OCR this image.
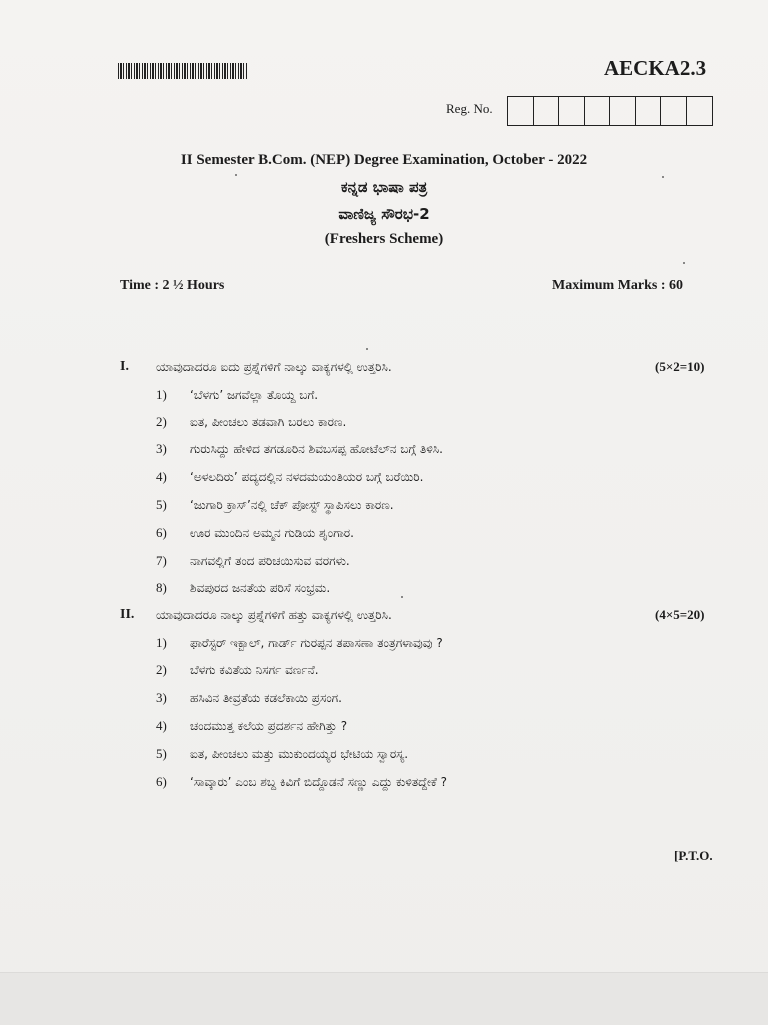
AECKA2.3
Reg. No.
II Semester B.Com. (NEP) Degree Examination, October - 2022
ಕನ್ನಡ ಭಾಷಾ ಪತ್ರ
ವಾಣಿಜ್ಯ ಸೌರಭ-2
(Freshers Scheme)
Time : 2 ½ Hours	Maximum Marks : 60
I. ಯಾವುದಾದರೂ ಐದು ಪ್ರಶ್ನೆಗಳಿಗೆ ನಾಲ್ಕು ವಾಕ್ಯಗಳಲ್ಲಿ ಉತ್ತರಿಸಿ.	(5×2=10)
1) ‘ಬೆಳಗು’ ಜಗವೆಲ್ಲಾ ತೊಯ್ದ ಬಗೆ.
2) ಐತ, ಪೀಂಚಲು ತಡವಾಗಿ ಬರಲು ಕಾರಣ.
3) ಗುರುಸಿದ್ದು ಹೇಳಿದ ತಗಡೂರಿನ ಶಿವಬಸಪ್ಪ ಹೋಟೆಲ್‌ನ ಬಗ್ಗೆ ತಿಳಿಸಿ.
4) ‘ಅಳಲದಿರು’ ಪದ್ಯದಲ್ಲಿನ ನಳದಮಯಂತಿಯರ ಬಗ್ಗೆ ಬರೆಯಿರಿ.
5) ‘ಜುಗಾರಿ ಕ್ರಾಸ್’ನಲ್ಲಿ ಚೆಕ್ ಪೋಸ್ಟ್ ಸ್ಥಾಪಿಸಲು ಕಾರಣ.
6) ಊರ ಮುಂದಿನ ಅಮ್ಮನ ಗುಡಿಯ ಶೃಂಗಾರ.
7) ನಾಗವಲ್ಲಿಗೆ ತಂದ ಪರಿಚಯಿಸುವ ವರಗಳು.
8) ಶಿವಪುರದ ಜನತೆಯ ಪರಿಸೆ ಸಂಭ್ರಮ.
II. ಯಾವುದಾದರೂ ನಾಲ್ಕು ಪ್ರಶ್ನೆಗಳಿಗೆ ಹತ್ತು ವಾಕ್ಯಗಳಲ್ಲಿ ಉತ್ತರಿಸಿ.	(4×5=20)
1) ಫಾರೆಸ್ಟರ್ ಇಕ್ಬಾಲ್, ಗಾರ್ಡ್ ಗುರಪ್ಪನ ತಪಾಸಣಾ ತಂತ್ರಗಳಾವುವು ?
2) ಬೆಳಗು ಕವಿತೆಯ ನಿಸರ್ಗ ವರ್ಣನೆ.
3) ಹಸಿವಿನ ತೀವ್ರತೆಯ ಕಡಲೆಕಾಯಿ ಪ್ರಸಂಗ.
4) ಚಂದಮುತ್ತ ಕಲೆಯ ಪ್ರದರ್ಶನ ಹೇಗಿತ್ತು ?
5) ಐತ, ಪೀಂಚಲು ಮತ್ತು ಮುಕುಂದಯ್ಯರ ಭೇಟಿಯ ಸ್ವಾರಸ್ಯ.
6) ‘ಸಾವ್ಕಾರು’ ಎಂಬ ಶಬ್ದ ಕಿವಿಗೆ ಬಿದ್ದೊಡನೆ ಸಣ್ಣು ಎದ್ದು ಕುಳಿತದ್ದೇಕೆ ?
[P.T.O.
